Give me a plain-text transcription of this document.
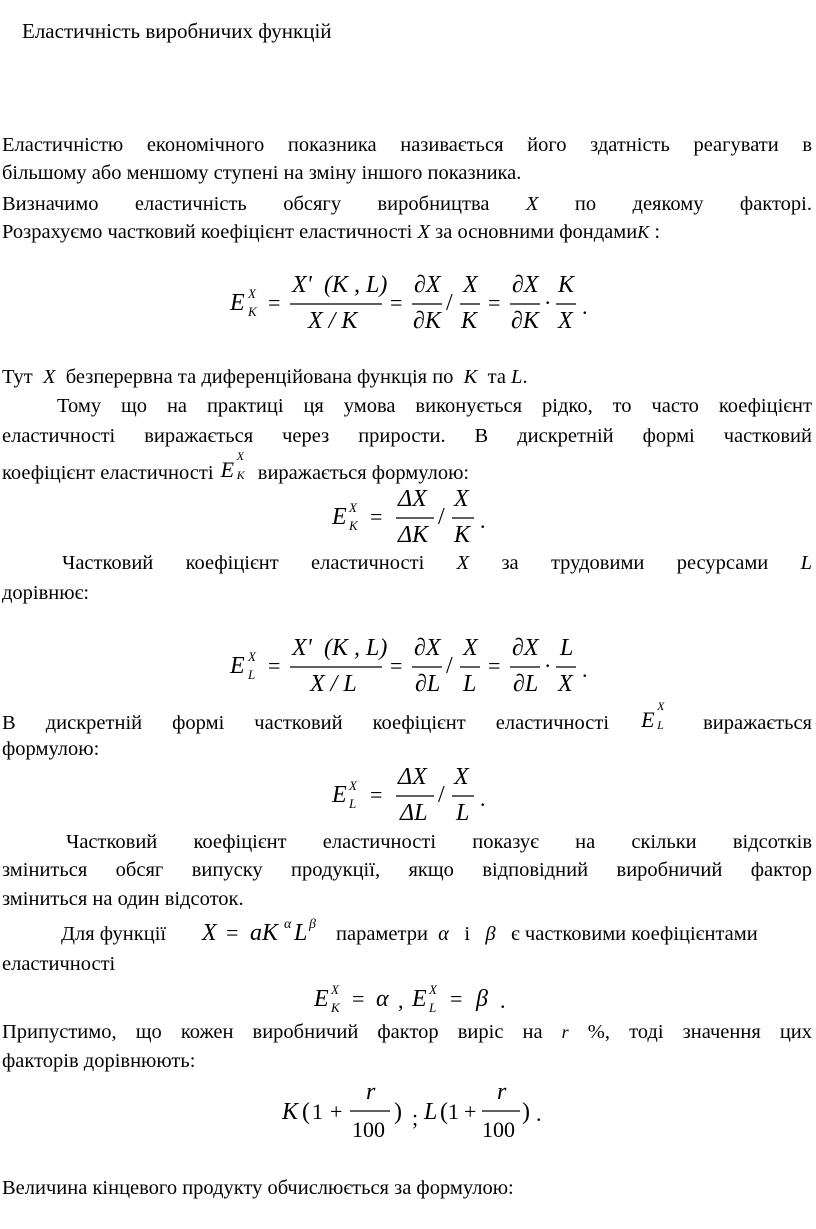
Еластичність виробничих функцій
Еластичністю економічного показника називається його здатність реагувати в
більшому або меншому ступені на зміну іншого показника.
Визначимо еластичність обсягу виробництва X по деякому факторі.
Розрахуємо частковий коефіцієнт еластичності X за основними фондамиK :
E X
K =
X' (K , L)
X / K
=
∂X
∂K
/
X
K
=
∂X
∂K
·
K
X
.
Тут X безперервна та диференційована функція по K та L.
Тому що на практиці ця умова виконується рідко, то часто коефіцієнт
еластичності виражається через прирости. В дискретній формі частковий
коефіцієнт еластичності E
X
K виражається формулою:
E X
K =
ΔX
ΔK
/
X
K
.
Частковий коефіцієнт еластичності X за трудовими ресурсами L
дорівнює:
E X
L =
X' (K , L)
X / L
=
∂X
∂L
/
X
L
=
∂X
∂L
·
L
X
.
В дискретній формі частковий коефіцієнт еластичності E
X
L виражається
формулою:
E X
L =
ΔX
ΔL
/
X
L
.
Частковий коефіцієнт еластичності показує на скільки відсотків
зміниться обсяг випуску продукції, якщо відповідний виробничий фактор
зміниться на один відсоток.
Для функції X = aK α L β параметри α і β є частковими коефіцієнтами
еластичності
E X
K = α , E X
L = β .
Припустимо, що кожен виробничий фактор виріс на r %, тоді значення цих
факторів дорівнюють:
K ( 1 +
r
100
) ; L ( 1 +
r
100
) .
Величина кінцевого продукту обчислюється за формулою:
